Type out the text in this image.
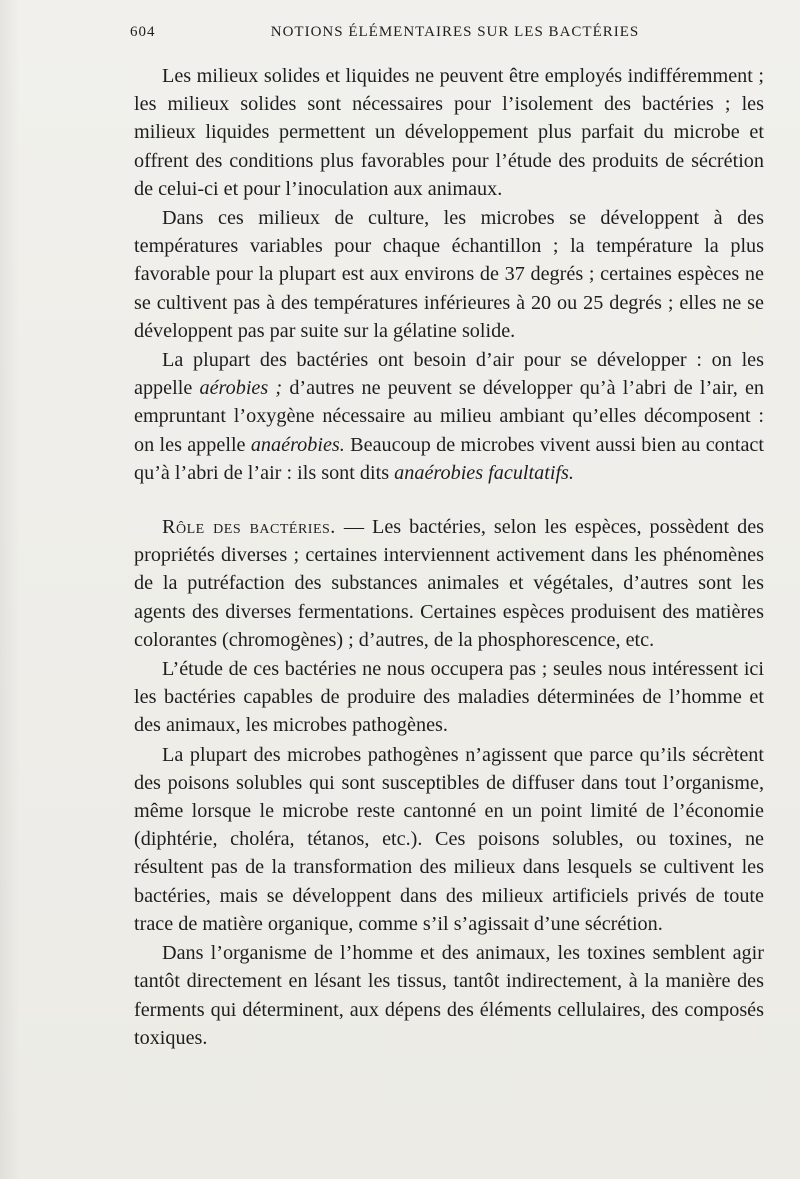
604	NOTIONS ÉLÉMENTAIRES SUR LES BACTÉRIES

Les milieux solides et liquides ne peuvent être employés indifféremment ; les milieux solides sont nécessaires pour l’isolement des bactéries ; les milieux liquides permettent un développement plus parfait du microbe et offrent des conditions plus favorables pour l’étude des produits de sécrétion de celui-ci et pour l’inoculation aux animaux.

Dans ces milieux de culture, les microbes se développent à des températures variables pour chaque échantillon ; la température la plus favorable pour la plupart est aux environs de 37 degrés ; certaines espèces ne se cultivent pas à des températures inférieures à 20 ou 25 degrés ; elles ne se développent pas par suite sur la gélatine solide.

La plupart des bactéries ont besoin d’air pour se développer : on les appelle aérobies ; d’autres ne peuvent se développer qu’à l’abri de l’air, en empruntant l’oxygène nécessaire au milieu ambiant qu’elles décomposent : on les appelle anaérobies. Beaucoup de microbes vivent aussi bien au contact qu’à l’abri de l’air : ils sont dits anaérobies facultatifs.

Rôle des bactéries. — Les bactéries, selon les espèces, possèdent des propriétés diverses ; certaines interviennent activement dans les phénomènes de la putréfaction des substances animales et végétales, d’autres sont les agents des diverses fermentations. Certaines espèces produisent des matières colorantes (chromogènes) ; d’autres, de la phosphorescence, etc.

L’étude de ces bactéries ne nous occupera pas ; seules nous intéressent ici les bactéries capables de produire des maladies déterminées de l’homme et des animaux, les microbes pathogènes.

La plupart des microbes pathogènes n’agissent que parce qu’ils sécrètent des poisons solubles qui sont susceptibles de diffuser dans tout l’organisme, même lorsque le microbe reste cantonné en un point limité de l’économie (diphtérie, choléra, tétanos, etc.). Ces poisons solubles, ou toxines, ne résultent pas de la transformation des milieux dans lesquels se cultivent les bactéries, mais se développent dans des milieux artificiels privés de toute trace de matière organique, comme s’il s’agissait d’une sécrétion.

Dans l’organisme de l’homme et des animaux, les toxines semblent agir tantôt directement en lésant les tissus, tantôt indirectement, à la manière des ferments qui déterminent, aux dépens des éléments cellulaires, des composés toxiques.
